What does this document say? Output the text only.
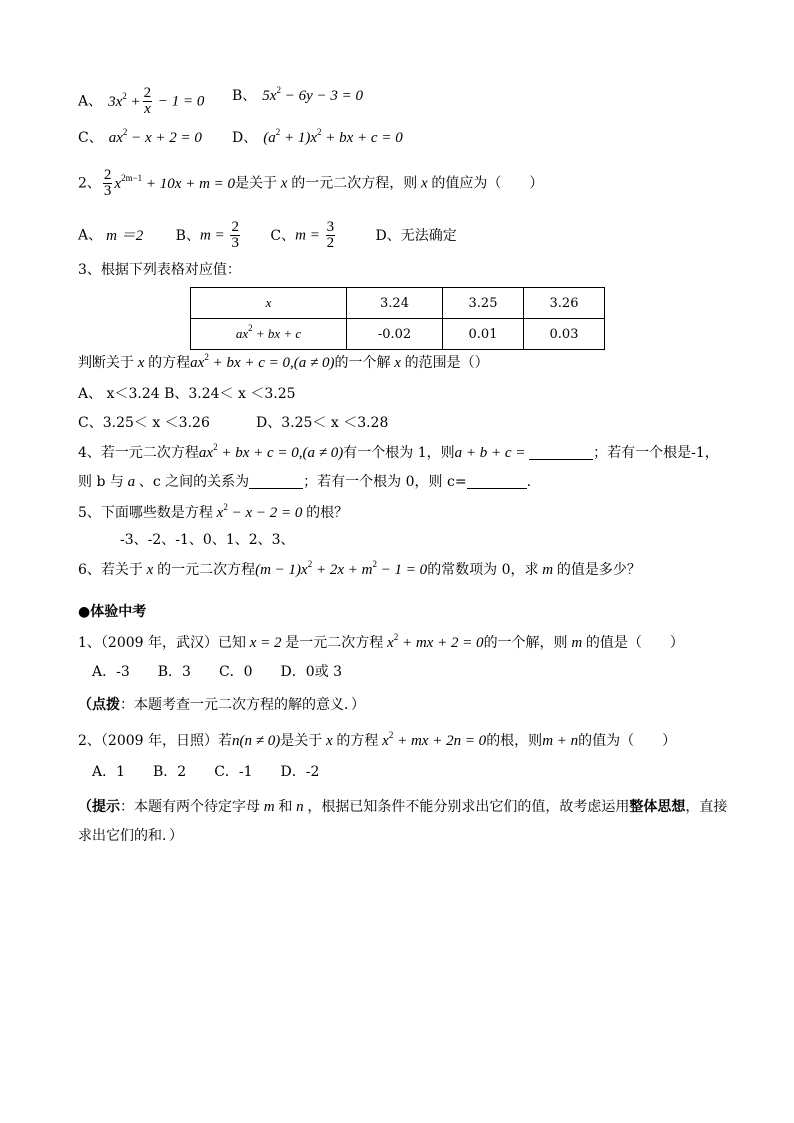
A、 $3x^2 + \frac{2}{x} - 1 = 0$ B、 $5x^2 - 6y - 3 = 0$
C、 $ax^2 - x + 2 = 0$ D、 $(a^2 + 1)x^2$ + bx + c = 0
2、 $\frac{2}{3} x^{2m-1} + 10x + m = 0$是关于 x 的一元二次方程，则 x 的值应为（　　）
A、 m ＝2 B、$m = \frac{2}{3}$ C、$m = \frac{3}{2}$	D、无法确定
3、根据下列表格对应值：
x	3.24	3.25	3.26
$ax^2$ + bx + c	-0.02	0.01	0.03
判断关于 x 的方程$ax^2$ + bx + c = 0,(a ≠ 0)的一个解 x 的范围是（）
A、 x＜3.24 B、3.24＜ x ＜3.25
C、3.25＜ x ＜3.26	D、3.25＜ x ＜3.28
4、若一元二次方程$ax^2$ + bx + c = 0,(a ≠ 0)有一个根为 1，则a + b + c =	；若有一个根是-1，
则 b 与 a 、c 之间的关系为	；若有一个根为 0，则 c=	.
5、下面哪些数是方程 $x^2 - x - 2 = 0$ 的根？
-3、-2、-1、0、1、2、3、
6、若关于 x 的一元二次方程$(m - 1)x^2 + 2x + m^2 - 1 = 0$的常数项为 0，求 m 的值是多少？
●体验中考
1、（2009 年，武汉）已知 x = 2 是一元二次方程 $x^2$ + mx + 2 = 0的一个解，则 m 的值是（　　）
A．-3　　B．3　　C．0　　D．0或 3
（点拨：本题考查一元二次方程的解的意义．）
2、（2009 年，日照）若n(n ≠ 0)是关于 x 的方程 $x^2$ + mx + 2n = 0的根，则m + n的值为（　　）
A．1　　B．2　　C．-1　　D．-2
（提示：本题有两个待定字母 m 和 n ，根据已知条件不能分别求出它们的值，故考虑运用整体思想，直接
求出它们的和．）
